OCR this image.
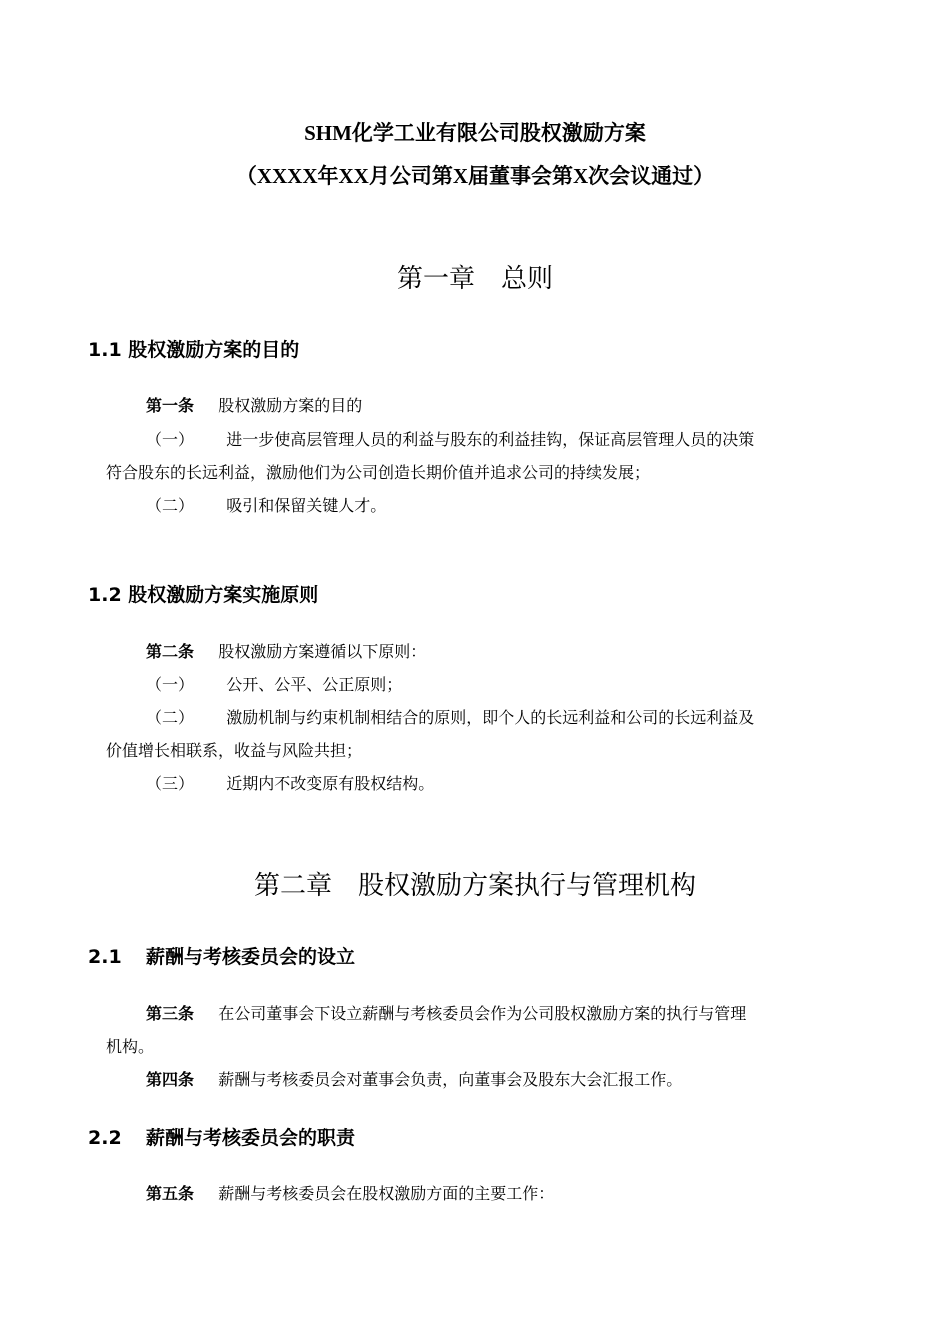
SHM化学工业有限公司股权激励方案
（XXXX年XX月公司第X届董事会第X次会议通过）
第一章　总则
1.1 股权激励方案的目的
第一条 股权激励方案的目的
（一） 进一步使高层管理人员的利益与股东的利益挂钩，保证高层管理人员的决策
符合股东的长远利益，激励他们为公司创造长期价值并追求公司的持续发展；
（二） 吸引和保留关键人才。
1.2 股权激励方案实施原则
第二条 股权激励方案遵循以下原则：
（一） 公开、公平、公正原则；
（二） 激励机制与约束机制相结合的原则，即个人的长远利益和公司的长远利益及
价值增长相联系，收益与风险共担；
（三） 近期内不改变原有股权结构。
第二章　股权激励方案执行与管理机构
2.1 薪酬与考核委员会的设立
第三条 在公司董事会下设立薪酬与考核委员会作为公司股权激励方案的执行与管理
机构。
第四条 薪酬与考核委员会对董事会负责，向董事会及股东大会汇报工作。
2.2 薪酬与考核委员会的职责
第五条 薪酬与考核委员会在股权激励方面的主要工作：
